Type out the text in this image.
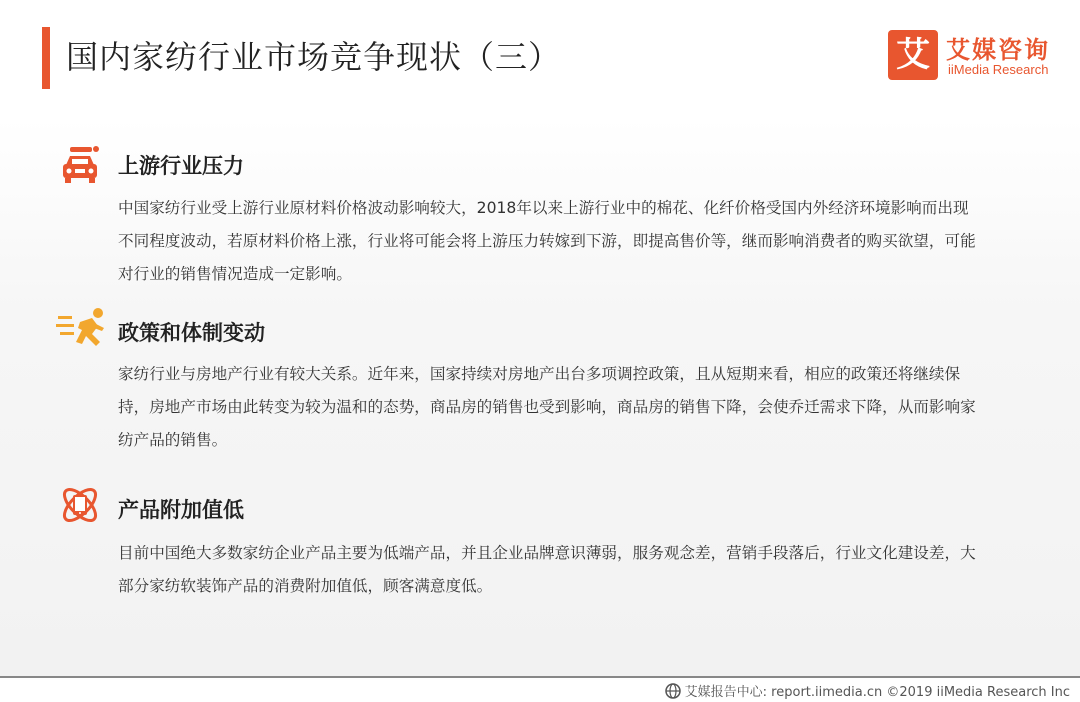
国内家纺行业市场竞争现状（三）	艾 艾媒咨询
iiMedia Research
上游行业压力
中国家纺行业受上游行业原材料价格波动影响较大，2018年以来上游行业中的棉花、化纤价格受国内外经济环境影响而出现不同程度波动，若原材料价格上涨，行业将可能会将上游压力转嫁到下游，即提高售价等，继而影响消费者的购买欲望，可能对行业的销售情况造成一定影响。
政策和体制变动
家纺行业与房地产行业有较大关系。近年来，国家持续对房地产出台多项调控政策，且从短期来看，相应的政策还将继续保持，房地产市场由此转变为较为温和的态势，商品房的销售也受到影响，商品房的销售下降，会使乔迁需求下降，从而影响家纺产品的销售。
产品附加值低
目前中国绝大多数家纺企业产品主要为低端产品，并且企业品牌意识薄弱，服务观念差，营销手段落后，行业文化建设差，大部分家纺软装饰产品的消费附加值低，顾客满意度低。
艾媒报告中心: report.iimedia.cn ©2019 iiMedia Research Inc
